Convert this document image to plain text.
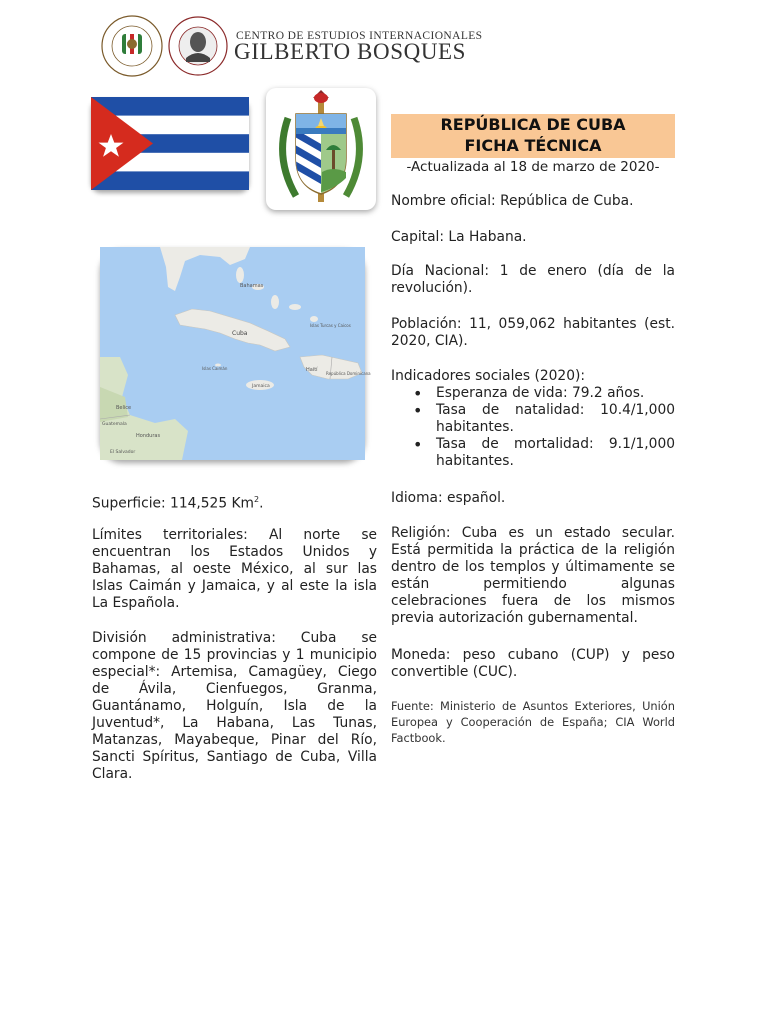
CENTRO DE ESTUDIOS INTERNACIONALES
GILBERTO BOSQUES
Bahamas
Cuba
Islas Turcas y Caicos
Islas Caimán
Jamaica
Haití
República Dominicana
Belice
Honduras
Guatemala
El Salvador
REPÚBLICA DE CUBA
FICHA TÉCNICA
-Actualizada al 18 de marzo de 2020-
Nombre oficial: República de Cuba.
Capital: La Habana.
Día Nacional: 1 de enero (día de la revolución).
Población: 11, 059,062 habitantes (est. 2020, CIA).
Indicadores sociales (2020):
• Esperanza de vida: 79.2 años.
• Tasa de natalidad: 10.4/1,000 habitantes.
• Tasa de mortalidad: 9.1/1,000 habitantes.
Idioma: español.
Religión: Cuba es un estado secular. Está permitida la práctica de la religión dentro de los templos y últimamente se están permitiendo algunas celebraciones fuera de los mismos previa autorización gubernamental.
Moneda: peso cubano (CUP) y peso convertible (CUC).
Fuente: Ministerio de Asuntos Exteriores, Unión Europea y Cooperación de España; CIA World Factbook.
Superficie: 114,525 Km$^2$.
Límites territoriales: Al norte se encuentran los Estados Unidos y Bahamas, al oeste México, al sur las Islas Caimán y Jamaica, y al este la isla La Española.
División administrativa: Cuba se compone de 15 provincias y 1 municipio especial*: Artemisa, Camagüey, Ciego de Ávila, Cienfuegos, Granma, Guantánamo, Holguín, Isla de la Juventud*, La Habana, Las Tunas, Matanzas, Mayabeque, Pinar del Río, Sancti Spíritus, Santiago de Cuba, Villa Clara.
